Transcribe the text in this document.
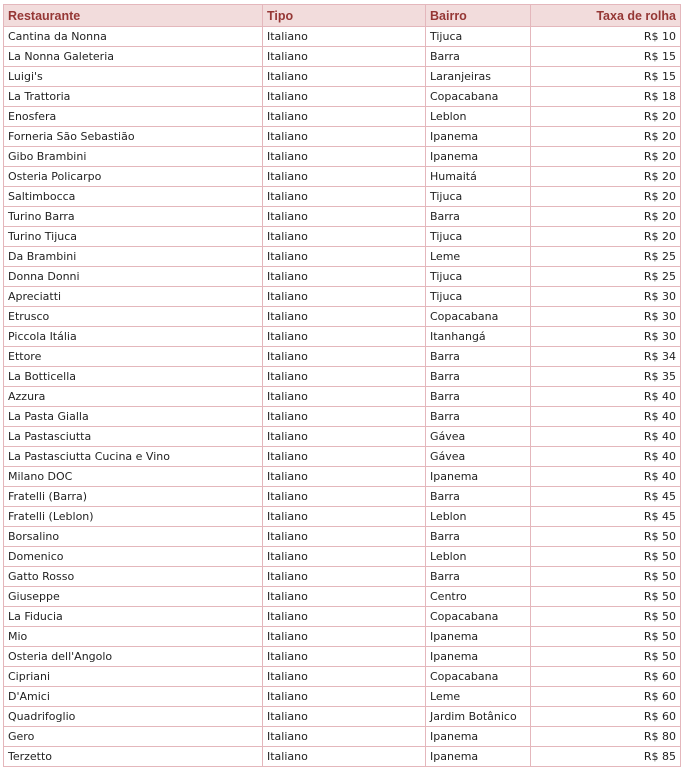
Restaurante	Tipo	Bairro	Taxa de rolha
Cantina da Nonna	Italiano	Tijuca	R$ 10
La Nonna Galeteria	Italiano	Barra	R$ 15
Luigi's	Italiano	Laranjeiras	R$ 15
La Trattoria	Italiano	Copacabana	R$ 18
Enosfera	Italiano	Leblon	R$ 20
Forneria São Sebastião	Italiano	Ipanema	R$ 20
Gibo Brambini	Italiano	Ipanema	R$ 20
Osteria Policarpo	Italiano	Humaitá	R$ 20
Saltimbocca	Italiano	Tijuca	R$ 20
Turino Barra	Italiano	Barra	R$ 20
Turino Tijuca	Italiano	Tijuca	R$ 20
Da Brambini	Italiano	Leme	R$ 25
Donna Donni	Italiano	Tijuca	R$ 25
Apreciatti	Italiano	Tijuca	R$ 30
Etrusco	Italiano	Copacabana	R$ 30
Piccola Itália	Italiano	Itanhangá	R$ 30
Ettore	Italiano	Barra	R$ 34
La Botticella	Italiano	Barra	R$ 35
Azzura	Italiano	Barra	R$ 40
La Pasta Gialla	Italiano	Barra	R$ 40
La Pastasciutta	Italiano	Gávea	R$ 40
La Pastasciutta Cucina e Vino	Italiano	Gávea	R$ 40
Milano DOC	Italiano	Ipanema	R$ 40
Fratelli (Barra)	Italiano	Barra	R$ 45
Fratelli (Leblon)	Italiano	Leblon	R$ 45
Borsalino	Italiano	Barra	R$ 50
Domenico	Italiano	Leblon	R$ 50
Gatto Rosso	Italiano	Barra	R$ 50
Giuseppe	Italiano	Centro	R$ 50
La Fiducia	Italiano	Copacabana	R$ 50
Mio	Italiano	Ipanema	R$ 50
Osteria dell'Angolo	Italiano	Ipanema	R$ 50
Cipriani	Italiano	Copacabana	R$ 60
D'Amici	Italiano	Leme	R$ 60
Quadrifoglio	Italiano	Jardim Botânico	R$ 60
Gero	Italiano	Ipanema	R$ 80
Terzetto	Italiano	Ipanema	R$ 85
